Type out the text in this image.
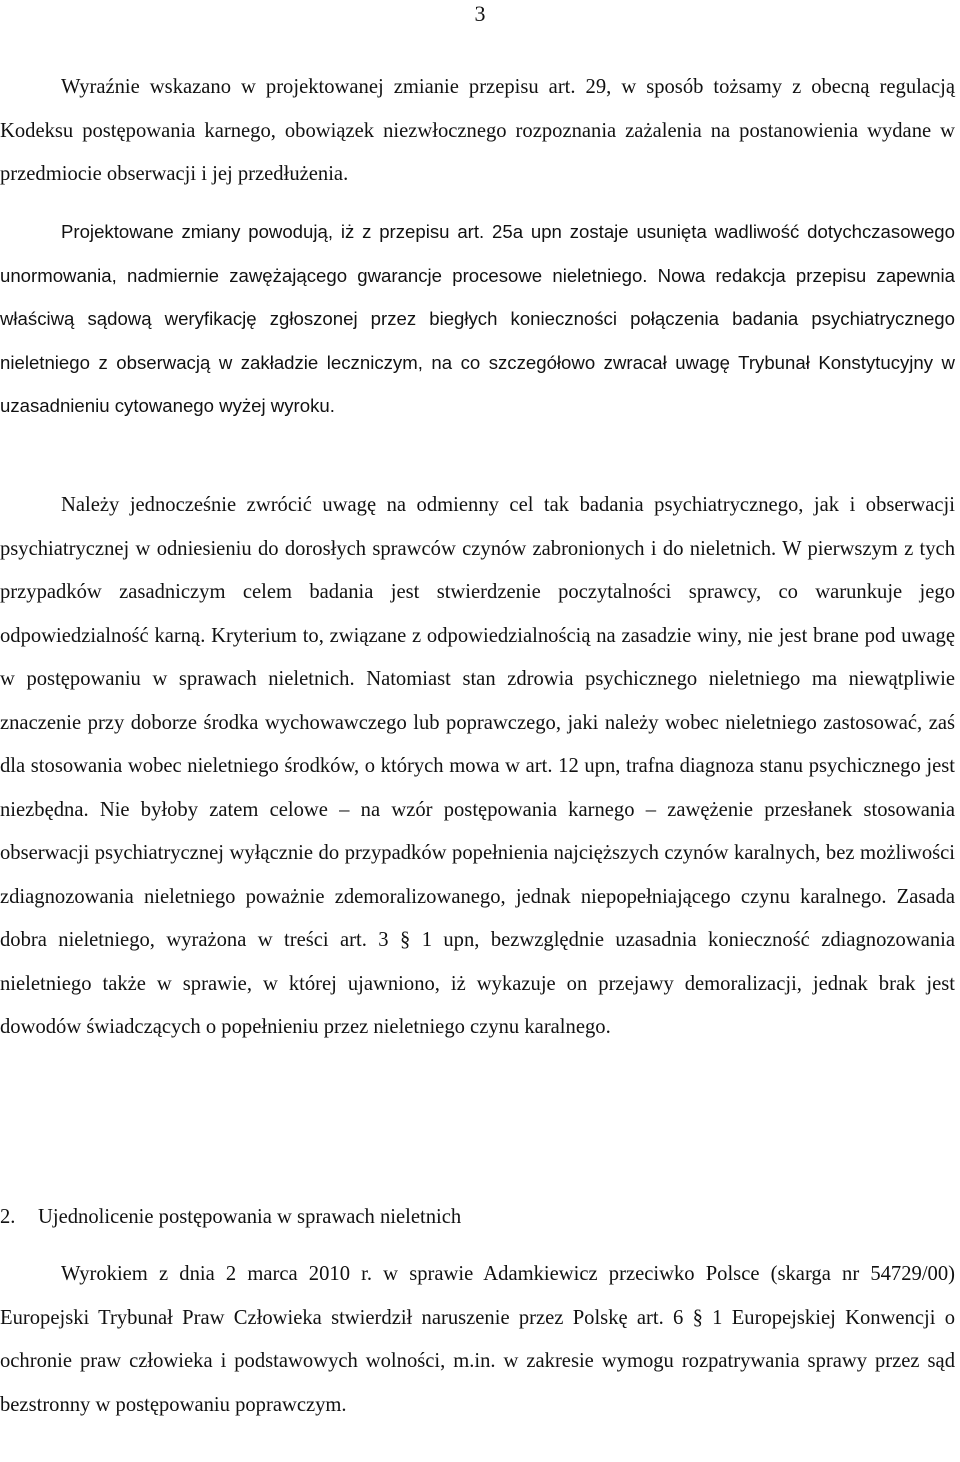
3

Wyraźnie wskazano w projektowanej zmianie przepisu art. 29, w sposób tożsamy z obecną regulacją Kodeksu postępowania karnego, obowiązek niezwłocznego rozpoznania zażalenia na postanowienia wydane w przedmiocie obserwacji i jej przedłużenia.

Projektowane zmiany powodują, iż z przepisu art. 25a upn zostaje usunięta wadliwość dotychczasowego unormowania, nadmiernie zawężającego gwarancje procesowe nieletniego. Nowa redakcja przepisu zapewnia właściwą sądową weryfikację zgłoszonej przez biegłych konieczności połączenia badania psychiatrycznego nieletniego z obserwacją w zakładzie leczniczym, na co szczegółowo zwracał uwagę Trybunał Konstytucyjny w uzasadnieniu cytowanego wyżej wyroku.

Należy jednocześnie zwrócić uwagę na odmienny cel tak badania psychiatrycznego, jak i obserwacji psychiatrycznej w odniesieniu do dorosłych sprawców czynów zabronionych i do nieletnich. W pierwszym z tych przypadków zasadniczym celem badania jest stwierdzenie poczytalności sprawcy, co warunkuje jego odpowiedzialność karną. Kryterium to, związane z odpowiedzialnością na zasadzie winy, nie jest brane pod uwagę w postępowaniu w sprawach nieletnich. Natomiast stan zdrowia psychicznego nieletniego ma niewątpliwie znaczenie przy doborze środka wychowawczego lub poprawczego, jaki należy wobec nieletniego zastosować, zaś dla stosowania wobec nieletniego środków, o których mowa w art. 12 upn, trafna diagnoza stanu psychicznego jest niezbędna. Nie byłoby zatem celowe – na wzór postępowania karnego – zawężenie przesłanek stosowania obserwacji psychiatrycznej wyłącznie do przypadków popełnienia najcięższych czynów karalnych, bez możliwości zdiagnozowania nieletniego poważnie zdemoralizowanego, jednak niepopełniającego czynu karalnego. Zasada dobra nieletniego, wyrażona w treści art. 3 § 1 upn, bezwzględnie uzasadnia konieczność zdiagnozowania nieletniego także w sprawie, w której ujawniono, iż wykazuje on przejawy demoralizacji, jednak brak jest dowodów świadczących o popełnieniu przez nieletniego czynu karalnego.

2. Ujednolicenie postępowania w sprawach nieletnich

Wyrokiem z dnia 2 marca 2010 r. w sprawie Adamkiewicz przeciwko Polsce (skarga nr 54729/00) Europejski Trybunał Praw Człowieka stwierdził naruszenie przez Polskę art. 6 § 1 Europejskiej Konwencji o ochronie praw człowieka i podstawowych wolności, m.in. w zakresie wymogu rozpatrywania sprawy przez sąd bezstronny w postępowaniu poprawczym.
